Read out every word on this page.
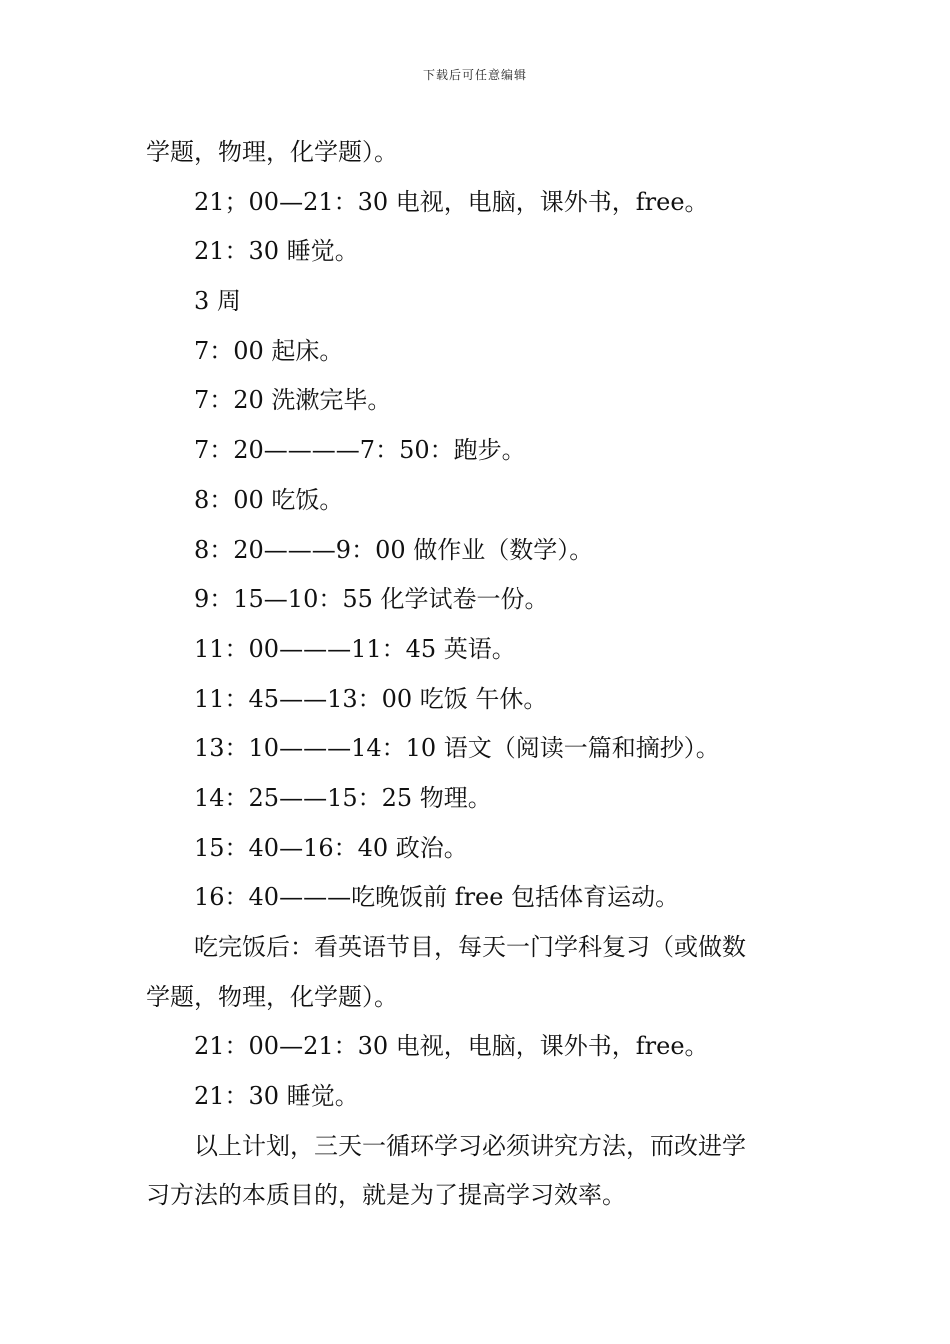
下载后可任意编辑
学题，物理，化学题）。
21；00—21：30 电视，电脑，课外书，free。
21：30 睡觉。
3 周
7：00 起床。
7：20 洗漱完毕。
7：20————7：50：跑步。
8：00 吃饭。
8：20———9：00 做作业（数学）。
9：15—10：55 化学试卷一份。
11：00———11：45 英语。
11：45——13：00 吃饭 午休。
13：10———14：10 语文（阅读一篇和摘抄）。
14：25——15：25 物理。
15：40—16：40 政治。
16：40———吃晚饭前 free 包括体育运动。
吃完饭后：看英语节目，每天一门学科复习（或做数
学题，物理，化学题）。
21：00—21：30 电视，电脑，课外书，free。
21：30 睡觉。
以上计划，三天一循环学习必须讲究方法，而改进学
习方法的本质目的，就是为了提高学习效率。
